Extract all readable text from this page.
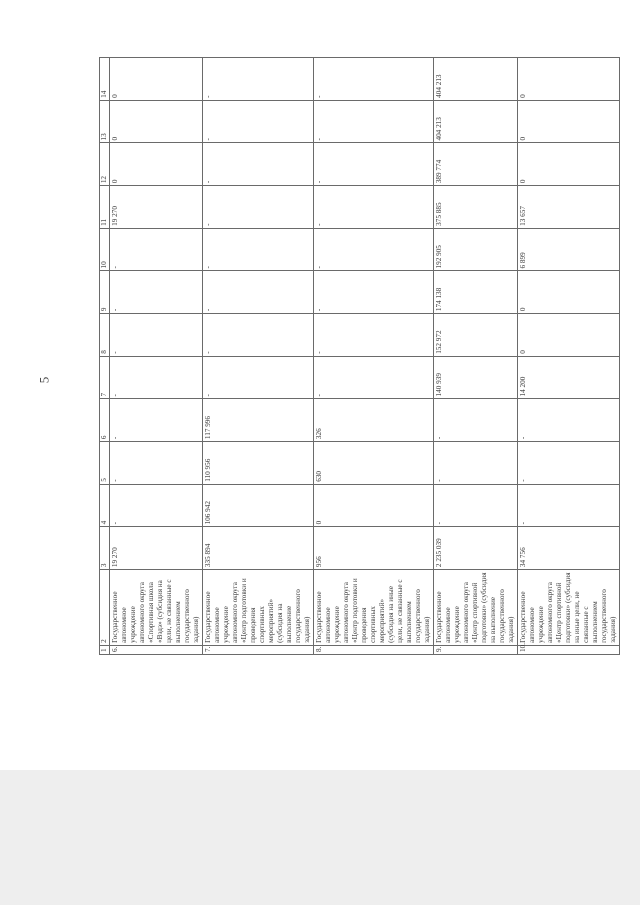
5
1	2	3	4	5	6	7	8	9	10	11	12	13	14
6.	Государственное автономное учреждение автономного округа «Спортивная школа «Вэдэ» (субсидия на цели, не связанные с выполнением государственного задания)	19 270	-	-	-	-	-	-	-	19 270	0	0	0
7.	Государственное автономное учреждение автономного округа «Центр подготовки и проведения спортивных мероприятий» (субсидия на выполнение государственного задания)	335 894	106 942	110 956	117 996	-	-	-	-	-	-	-	-
8.	Государственное автономное учреждение автономного округа «Центр подготовки и проведения спортивных мероприятий» (субсидия на иные цели, не связанные с выполнением государственного задания)	956	0	630	326	-	-	-	-	-	-	-	-
9.	Государственное автономное учреждение автономного округа «Центр спортивной подготовки» (субсидия на выполнение государственного задания)	2 235 039	-	-	-	140 939	152 972	174 138	192 905	375 885	389 774	404 213	404 213
10.	Государственное автономное учреждение автономного округа «Центр спортивной подготовки» (субсидия на иные цели, не связанные с выполнением государственного задания)	34 756	-	-	-	14 200	0	0	6 899	13 657	0	0	0
